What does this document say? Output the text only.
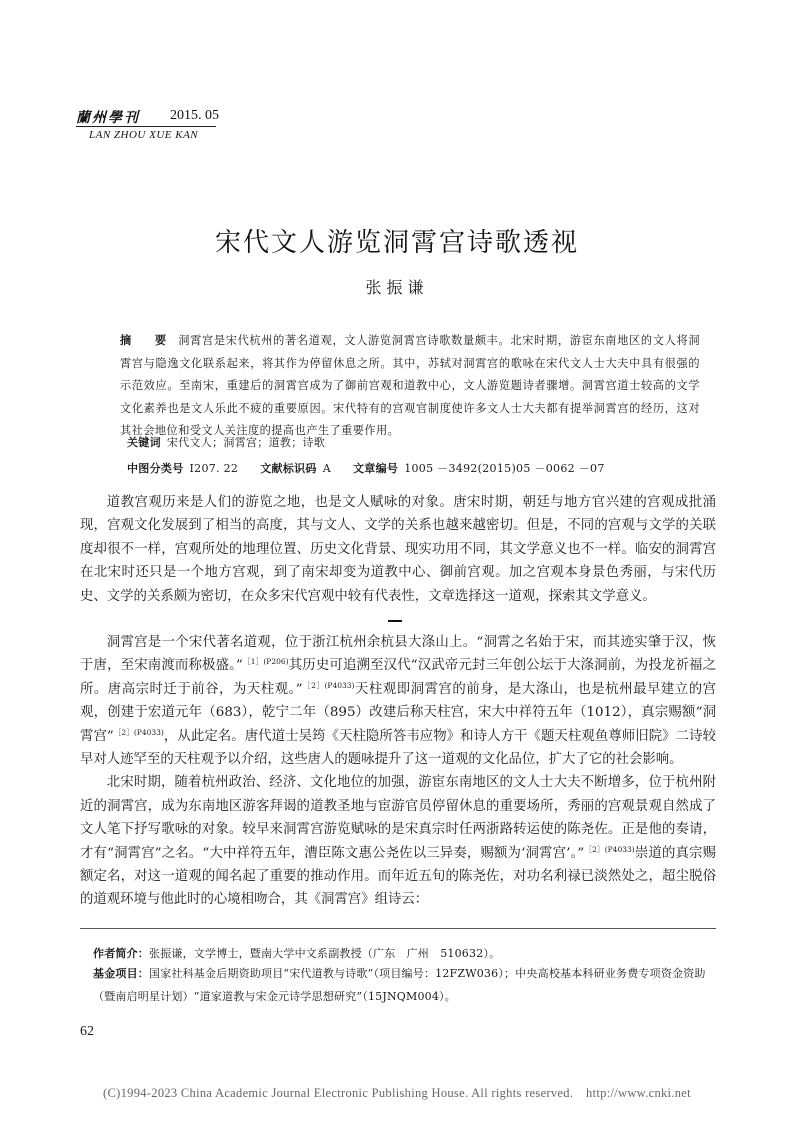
蘭州學刊 2015. 05
LAN ZHOU XUE KAN
宋代文人游览洞霄宫诗歌透视
张振谦
摘　要 洞霄宫是宋代杭州的著名道观，文人游览洞霄宫诗歌数量颇丰。北宋时期，游宦东南地区的文人将洞霄宫与隐逸文化联系起来，将其作为停留休息之所。其中，苏轼对洞霄宫的歌咏在宋代文人士大夫中具有很强的示范效应。至南宋，重建后的洞霄宫成为了御前宫观和道教中心，文人游览题诗者骤增。洞霄宫道士较高的文学文化素养也是文人乐此不疲的重要原因。宋代特有的宫观官制度使许多文人士大夫都有提举洞霄宫的经历，这对其社会地位和受文人关注度的提高也产生了重要作用。
关键词 宋代文人；洞霄宫；道教；诗歌
中图分类号 I207. 22 文献标识码 A 文章编号 1005 －3492(2015)05 －0062 －07

道教宫观历来是人们的游览之地，也是文人赋咏的对象。唐宋时期，朝廷与地方官兴建的宫观成批涌现，宫观文化发展到了相当的高度，其与文人、文学的关系也越来越密切。但是，不同的宫观与文学的关联度却很不一样，宫观所处的地理位置、历史文化背景、现实功用不同，其文学意义也不一样。临安的洞霄宫在北宋时还只是一个地方宫观，到了南宋却变为道教中心、御前宫观。加之宫观本身景色秀丽，与宋代历史、文学的关系颇为密切，在众多宋代宫观中较有代表性，文章选择这一道观，探索其文学意义。

洞霄宫是一个宋代著名道观，位于浙江杭州余杭县大涤山上。“洞霄之名始于宋，而其迹实肇于汉，恢于唐，至宋南渡而称极盛。”$^{[1](P206)}$其历史可追溯至汉代“汉武帝元封三年创公坛于大涤洞前，为投龙祈福之所。唐高宗时迁于前谷，为天柱观。”$^{[2](P4033)}$天柱观即洞霄宫的前身，是大涤山，也是杭州最早建立的宫观，创建于宏道元年（683），乾宁二年（895）改建后称天柱宫，宋大中祥符五年（1012），真宗赐额“洞霄宫”$^{[2](P4033)}$，从此定名。唐代道士吴筠《天柱隐所答韦应物》和诗人方干《题天柱观鱼尊师旧院》二诗较早对人迹罕至的天柱观予以介绍，这些唐人的题咏提升了这一道观的文化品位，扩大了它的社会影响。

北宋时期，随着杭州政治、经济、文化地位的加强，游宦东南地区的文人士大夫不断增多，位于杭州附近的洞霄宫，成为东南地区游客拜谒的道教圣地与宦游官员停留休息的重要场所，秀丽的宫观景观自然成了文人笔下抒写歌咏的对象。较早来洞霄宫游览赋咏的是宋真宗时任两浙路转运使的陈尧佐。正是他的奏请，才有“洞霄宫”之名。“大中祥符五年，漕臣陈文惠公尧佐以三异奏，赐额为‘洞霄宫’。”$^{[2](P4033)}$崇道的真宗赐额定名，对这一道观的闻名起了重要的推动作用。而年近五旬的陈尧佐，对功名利禄已淡然处之，超尘脱俗的道观环境与他此时的心境相吻合，其《洞霄宫》组诗云：

作者简介：张振谦，文学博士，暨南大学中文系副教授（广东　广州　510632）。
基金项目：国家社科基金后期资助项目“宋代道教与诗歌”（项目编号：12FZW036）；中央高校基本科研业务费专项资金资助（暨南启明星计划）“道家道教与宋金元诗学思想研究”（15JNQM004）。
62
(C)1994-2023 China Academic Journal Electronic Publishing House. All rights reserved.　http://www.cnki.net
